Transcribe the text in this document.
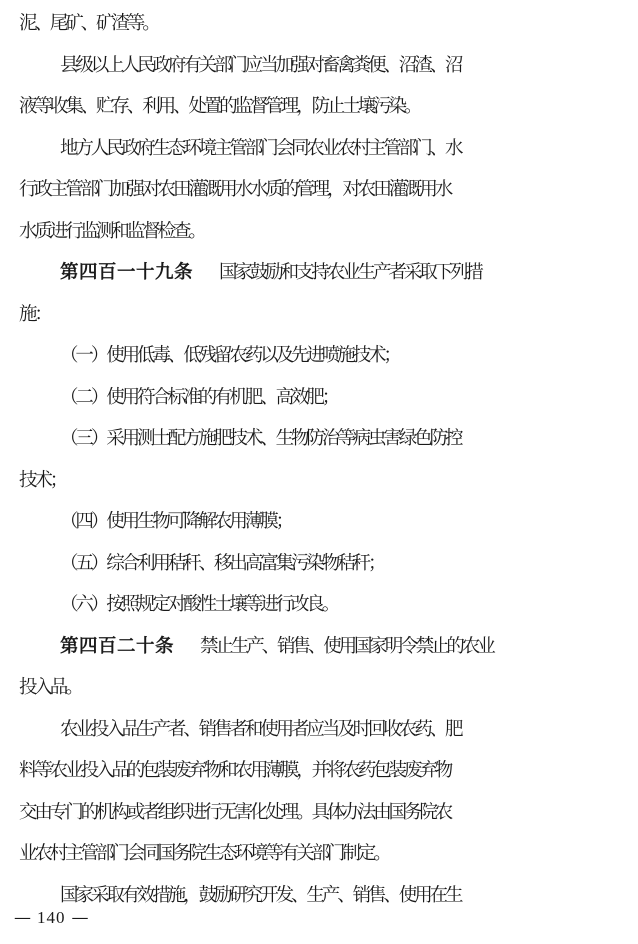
泥、尾矿、矿渣等。
县级以上人民政府有关部门应当加强对畜禽粪便、沼渣、沼
液等收集、贮存、利用、处置的监督管理，防止土壤污染。
地方人民政府生态环境主管部门会同农业农村主管部门、水
行政主管部门加强对农田灌溉用水水质的管理，对农田灌溉用水
水质进行监测和监督检查。
第四百一十九条 国家鼓励和支持农业生产者采取下列措
施：
（一）使用低毒、低残留农药以及先进喷施技术；
（二）使用符合标准的有机肥、高效肥；
（三）采用测土配方施肥技术、生物防治等病虫害绿色防控
技术；
（四）使用生物可降解农用薄膜；
（五）综合利用秸秆、移出高富集污染物秸秆；
（六）按照规定对酸性土壤等进行改良。
第四百二十条 禁止生产、销售、使用国家明令禁止的农业
投入品。
农业投入品生产者、销售者和使用者应当及时回收农药、肥
料等农业投入品的包装废弃物和农用薄膜，并将农药包装废弃物
交由专门的机构或者组织进行无害化处理。具体办法由国务院农
业农村主管部门会同国务院生态环境等有关部门制定。
国家采取有效措施，鼓励研究开发、生产、销售、使用在生
— 140 —
